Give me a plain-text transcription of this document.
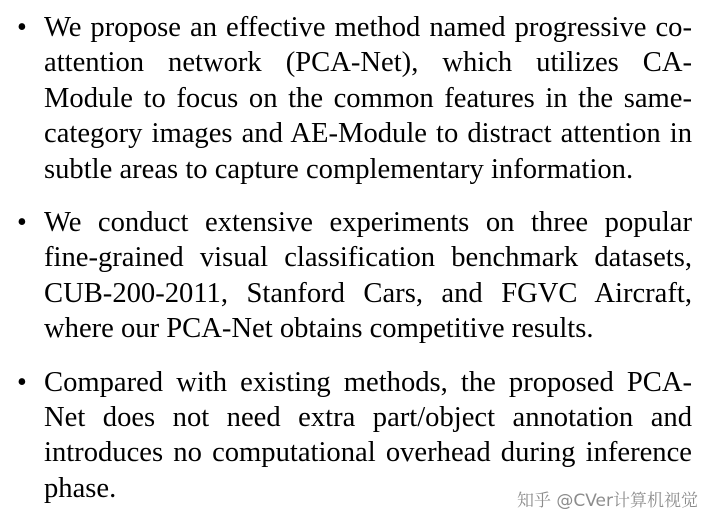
• We propose an effective method named progressive co-attention network (PCA-Net), which utilizes CA-Module to focus on the common features in the same-category images and AE-Module to distract attention in subtle areas to capture complementary information.

• We conduct extensive experiments on three popular fine-grained visual classification benchmark datasets, CUB-200-2011, Stanford Cars, and FGVC Aircraft, where our PCA-Net obtains competitive results.

• Compared with existing methods, the proposed PCA-Net does not need extra part/object annotation and introduces no computational overhead during inference phase.	知乎 @CVer计算机视觉
